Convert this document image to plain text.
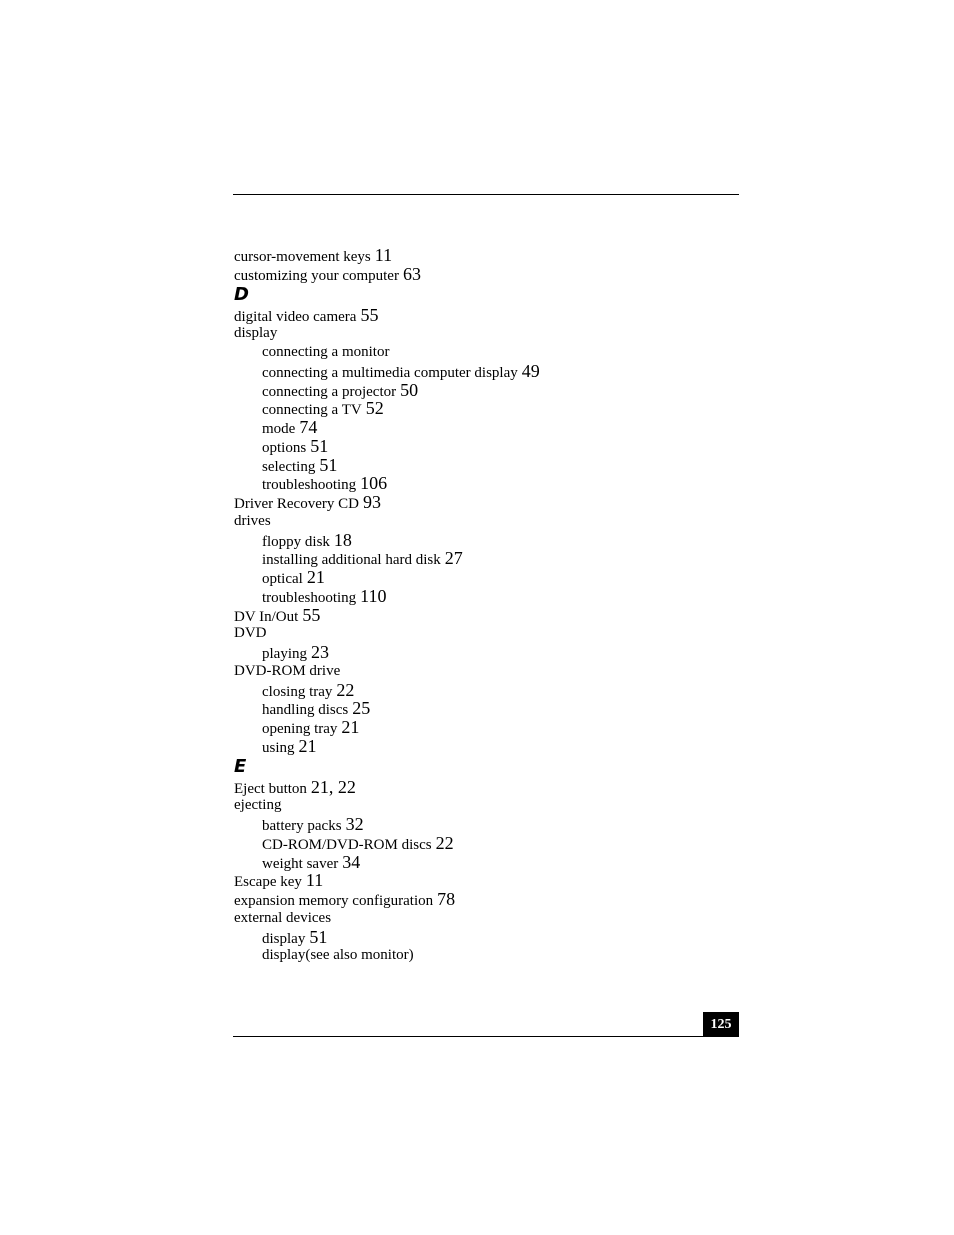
cursor-movement keys 11
customizing your computer 63
D
digital video camera 55
display
connecting a monitor
connecting a multimedia computer display 49
connecting a projector 50
connecting a TV 52
mode 74
options 51
selecting 51
troubleshooting 106
Driver Recovery CD 93
drives
floppy disk 18
installing additional hard disk 27
optical 21
troubleshooting 110
DV In/Out 55
DVD
playing 23
DVD-ROM drive
closing tray 22
handling discs 25
opening tray 21
using 21
E
Eject button 21, 22
ejecting
battery packs 32
CD-ROM/DVD-ROM discs 22
weight saver 34
Escape key 11
expansion memory configuration 78
external devices
display 51
display(see also monitor)
125
